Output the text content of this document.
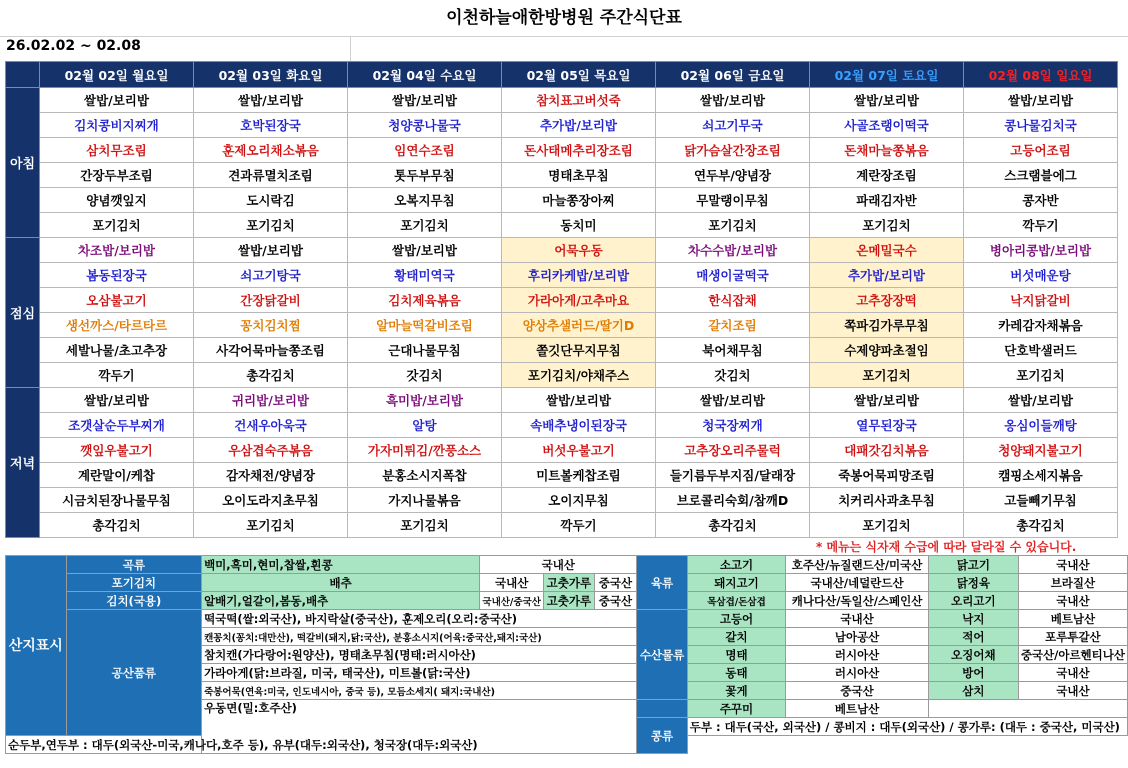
이천하늘애한방병원 주간식단표
26.02.02 ~ 02.08
	02월 02일 월요일	02월 03일 화요일	02월 04일 수요일	02월 05일 목요일	02월 06일 금요일	02월 07일 토요일	02월 08일 일요일
아침	쌀밥/보리밥	쌀밥/보리밥	쌀밥/보리밥	참치표고버섯죽	쌀밥/보리밥	쌀밥/보리밥	쌀밥/보리밥
	김치콩비지찌개	호박된장국	청양콩나물국	추가밥/보리밥	쇠고기무국	사골조랭이떡국	콩나물김치국
	삼치무조림	훈제오리채소볶음	임연수조림	돈사태메추리장조림	닭가슴살간장조림	돈채마늘쫑볶음	고등어조림
	간장두부조림	견과류멸치조림	톳두부무침	명태초무침	연두부/양념장	계란장조림	스크램블에그
	양념깻잎지	도시락김	오복지무침	마늘쫑장아찌	무말랭이무침	파래김자반	콩자반
	포기김치	포기김치	포기김치	동치미	포기김치	포기김치	깍두기
점심	차조밥/보리밥	쌀밥/보리밥	쌀밥/보리밥	어묵우동	차수수밥/보리밥	온메밀국수	병아리콩밥/보리밥
	봄동된장국	쇠고기탕국	황태미역국	후리카케밥/보리밥	매생이굴떡국	추가밥/보리밥	버섯매운탕
	오삼불고기	간장닭갈비	김치제육볶음	가라아게/고추마요	한식잡채	고추장장떡	낙지닭갈비
	생선까스/타르타르	꽁치김치찜	알마늘떡갈비조림	양상추샐러드/딸기D	갈치조림	쪽파김가루무침	카레감자채볶음
	세발나물/초고추장	사각어묵마늘쫑조림	근대나물무침	쫄깃단무지무침	북어채무침	수제양파초절임	단호박샐러드
	깍두기	총각김치	갓김치	포기김치/야채주스	갓김치	포기김치	포기김치
저녁	쌀밥/보리밥	귀리밥/보리밥	흑미밥/보리밥	쌀밥/보리밥	쌀밥/보리밥	쌀밥/보리밥	쌀밥/보리밥
	조갯살순두부찌개	건새우아욱국	알탕	속배추냉이된장국	청국장찌개	열무된장국	옹심이들깨탕
	깻잎우불고기	우삼겹숙주볶음	가자미튀김/깐풍소스	버섯우불고기	고추장오리주물럭	대패갓김치볶음	청양돼지불고기
	계란말이/케찹	감자채전/양념장	분홍소시지폭찹	미트볼케찹조림	들기름두부지짐/달래장	죽봉어묵피망조림	캠핑소세지볶음
	시금치된장나물무침	오이도라지초무침	가지나물볶음	오이지무침	브로콜리숙회/참깨D	치커리사과초무침	고들빼기무침
	총각김치	포기김치	포기김치	깍두기	총각김치	포기김치	총각김치
* 메뉴는 식자재 수급에 따라 달라질 수 있습니다.
산지표시	곡류	백미,흑미,현미,찹쌀,흰콩	국내산			육류	소고기	호주산/뉴질랜드산/미국산	닭고기	국내산
	포기김치	배추	국내산	고춧가루	중국산		돼지고기	국내산/네덜란드산	닭정육	브라질산
	김치(국용)	알배기,얼갈이,봄동,배추	국내산/중국산	고춧가루	중국산		목삼겹/돈삼겹	캐나다산/독일산/스페인산	오리고기	국내산
	공산품류	떡국떡(쌀:외국산), 바지락살(중국산), 훈제오리(오리:중국산)				수산물류	고등어	국내산	낙지	베트남산
		캔꽁치(꽁치:대만산), 떡갈비(돼지,닭:국산), 분홍소시지(어육:중국산,돼지:국산)					갈치	남아공산	적어	포루투갈산
		참치캔(가다랑어:원양산), 명태초무침(명태:러시아산)					명태	러시아산	오징어채	중국산/아르헨티나산
		가라아게(닭:브라질, 미국, 태국산), 미트볼(닭:국산)					동태	러시아산	방어	국내산
		죽봉어묵(연육:미국, 인도네시아, 중국 등), 모듬소세지( 돼지:국내산)					꽃게	중국산	삼치	국내산
		우동면(밀:호주산)					주꾸미	베트남산		
						콩류	두부 : 대두(국산, 외국산) / 콩비지 : 대두(외국산) / 콩가루: (대두 : 중국산, 미국산)			
순두부,연두부 : 대두(외국산-미국,캐나다,호주 등), 유부(대두:외국산), 청국장(대두:외국산)										
